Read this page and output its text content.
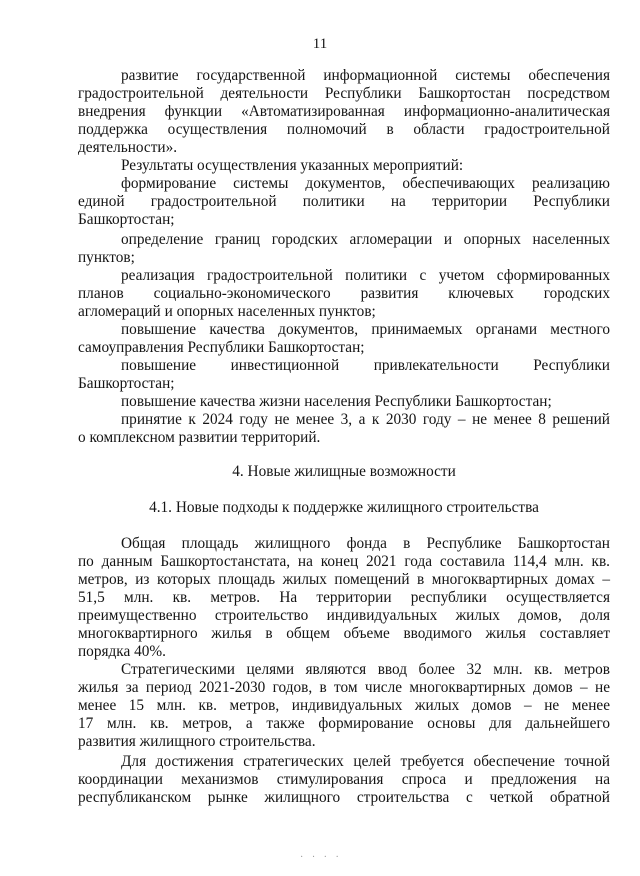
11
развитие государственной информационной системы обеспечения
градостроительной деятельности Республики Башкортостан посредством
внедрения функции «Автоматизированная информационно-аналитическая
поддержка осуществления полномочий в области градостроительной
деятельности».
Результаты осуществления указанных мероприятий:
формирование системы документов, обеспечивающих реализацию
единой градостроительной политики на территории Республики
Башкортостан;
определение границ городских агломерации и опорных населенных
пунктов;
реализация градостроительной политики с учетом сформированных
планов социально-экономического развития ключевых городских
агломераций и опорных населенных пунктов;
повышение качества документов, принимаемых органами местного
самоуправления Республики Башкортостан;
повышение инвестиционной привлекательности Республики
Башкортостан;
повышение качества жизни населения Республики Башкортостан;
принятие к 2024 году не менее 3, а к 2030 году – не менее 8 решений
о комплексном развитии территорий.
4. Новые жилищные возможности
4.1. Новые подходы к поддержке жилищного строительства
Общая площадь жилищного фонда в Республике Башкортостан
по данным Башкортостанстата, на конец 2021 года составила 114,4 млн. кв.
метров, из которых площадь жилых помещений в многоквартирных домах –
51,5 млн. кв. метров. На территории республики осуществляется
преимущественно строительство индивидуальных жилых домов, доля
многоквартирного жилья в общем объеме вводимого жилья составляет
порядка 40%.
Стратегическими целями являются ввод более 32 млн. кв. метров
жилья за период 2021-2030 годов, в том числе многоквартирных домов – не
менее 15 млн. кв. метров, индивидуальных жилых домов – не менее
17 млн. кв. метров, а также формирование основы для дальнейшего
развития жилищного строительства.
Для достижения стратегических целей требуется обеспечение точной
координации механизмов стимулирования спроса и предложения на
республиканском рынке жилищного строительства с четкой обратной
· · · ·
